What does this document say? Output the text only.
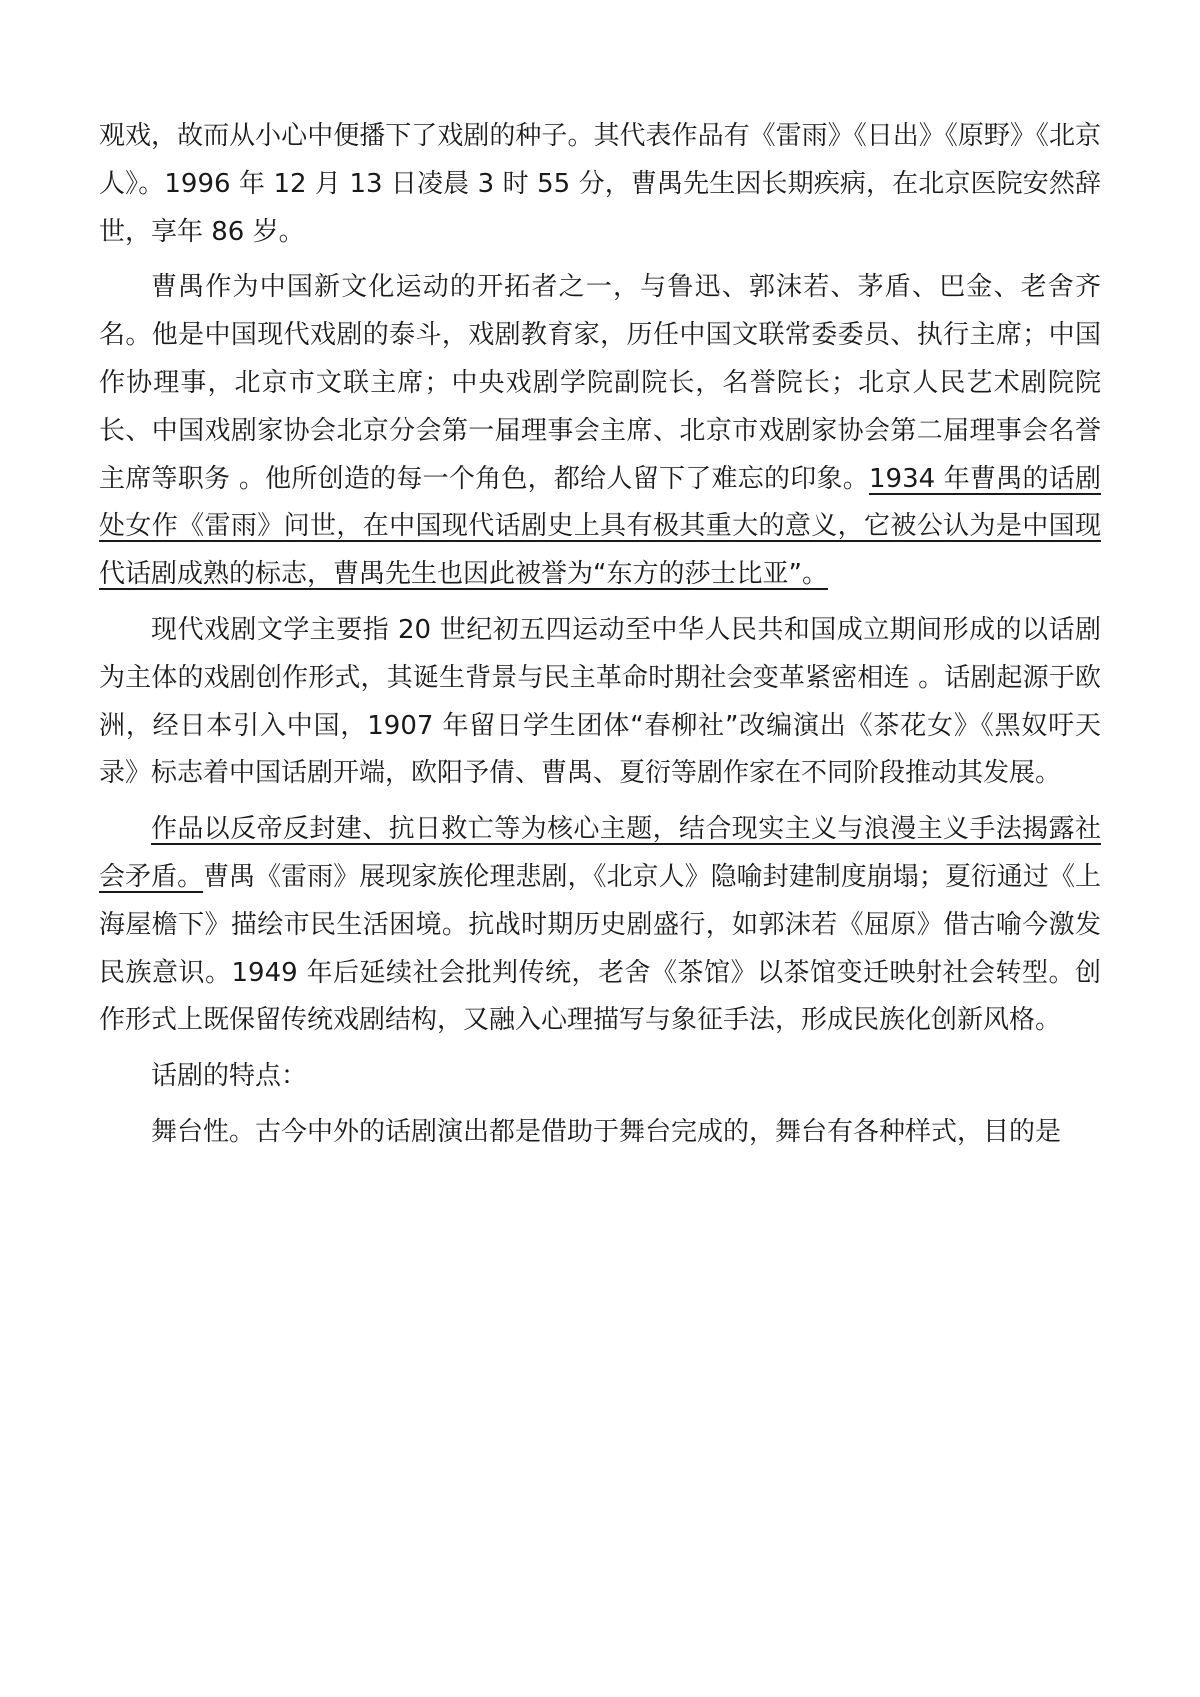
观戏，故而从小心中便播下了戏剧的种子。其代表作品有《雷雨》《日出》《原野》《北京人》。1996 年 12 月 13 日凌晨 3 时 55 分，曹禺先生因长期疾病，在北京医院安然辞世，享年 86 岁。

曹禺作为中国新文化运动的开拓者之一，与鲁迅、郭沫若、茅盾、巴金、老舍齐名。他是中国现代戏剧的泰斗，戏剧教育家，历任中国文联常委委员、执行主席；中国作协理事，北京市文联主席；中央戏剧学院副院长，名誉院长；北京人民艺术剧院院长、中国戏剧家协会北京分会第一届理事会主席、北京市戏剧家协会第二届理事会名誉主席等职务 。他所创造的每一个角色，都给人留下了难忘的印象。1934 年曹禺的话剧处女作《雷雨》问世，在中国现代话剧史上具有极其重大的意义，它被公认为是中国现代话剧成熟的标志，曹禺先生也因此被誉为“东方的莎士比亚”。

现代戏剧文学主要指 20 世纪初五四运动至中华人民共和国成立期间形成的以话剧为主体的戏剧创作形式，其诞生背景与民主革命时期社会变革紧密相连 。话剧起源于欧洲，经日本引入中国，1907 年留日学生团体“春柳社”改编演出《茶花女》《黑奴吁天录》标志着中国话剧开端，欧阳予倩、曹禺、夏衍等剧作家在不同阶段推动其发展。

作品以反帝反封建、抗日救亡等为核心主题，结合现实主义与浪漫主义手法揭露社会矛盾。曹禺《雷雨》展现家族伦理悲剧，《北京人》隐喻封建制度崩塌；夏衍通过《上海屋檐下》描绘市民生活困境。抗战时期历史剧盛行，如郭沫若《屈原》借古喻今激发民族意识。1949 年后延续社会批判传统，老舍《茶馆》以茶馆变迁映射社会转型。创作形式上既保留传统戏剧结构，又融入心理描写与象征手法，形成民族化创新风格。

话剧的特点：

舞台性。古今中外的话剧演出都是借助于舞台完成的，舞台有各种样式，目的是
